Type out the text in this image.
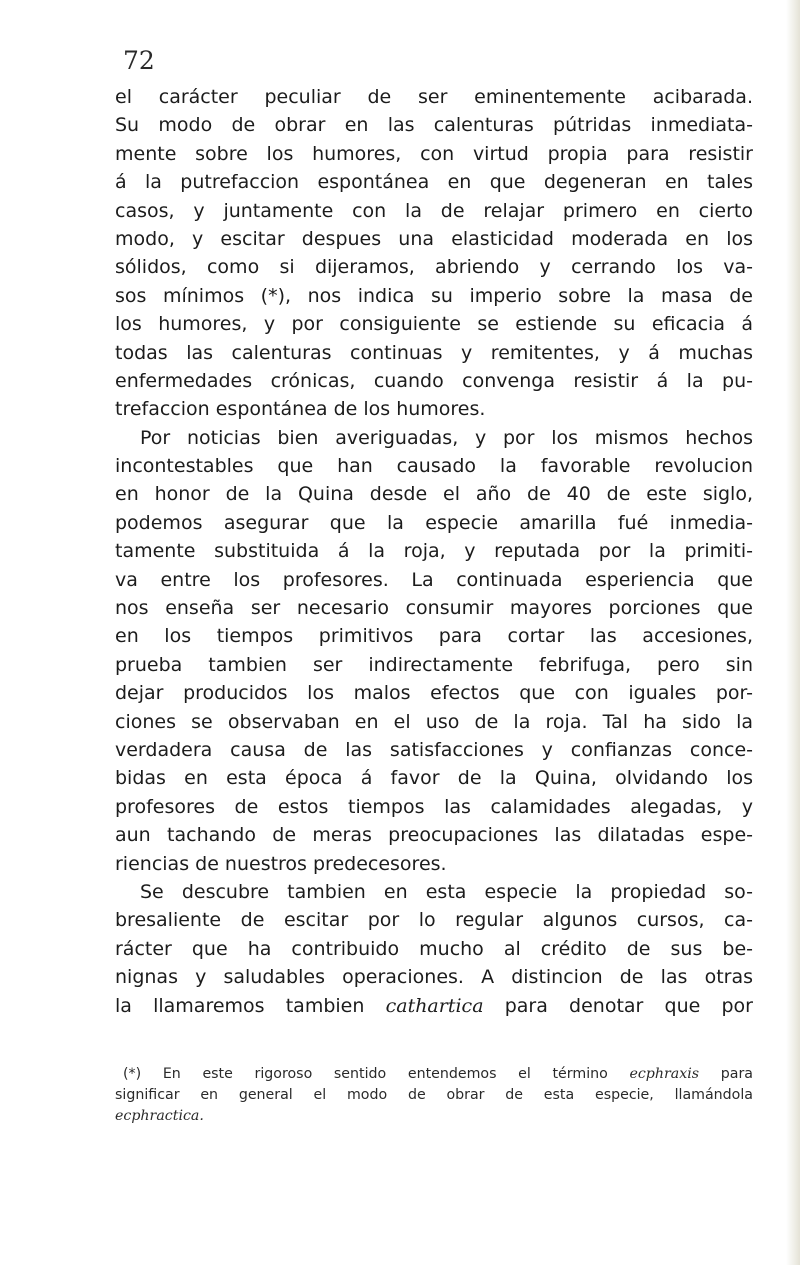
72
el carácter peculiar de ser eminentemente acibarada.
Su modo de obrar en las calenturas pútridas inmediata-
mente sobre los humores, con virtud propia para resistir
á la putrefaccion espontánea en que degeneran en tales
casos, y juntamente con la de relajar primero en cierto
modo, y escitar despues una elasticidad moderada en los
sólidos, como si dijeramos, abriendo y cerrando los va-
sos mínimos (*), nos indica su imperio sobre la masa de
los humores, y por consiguiente se estiende su eficacia á
todas las calenturas continuas y remitentes, y á muchas
enfermedades crónicas, cuando convenga resistir á la pu-
trefaccion espontánea de los humores.
Por noticias bien averiguadas, y por los mismos hechos
incontestables que han causado la favorable revolucion
en honor de la Quina desde el año de 40 de este siglo,
podemos asegurar que la especie amarilla fué inmedia-
tamente substituida á la roja, y reputada por la primiti-
va entre los profesores. La continuada esperiencia que
nos enseña ser necesario consumir mayores porciones que
en los tiempos primitivos para cortar las accesiones,
prueba tambien ser indirectamente febrifuga, pero sin
dejar producidos los malos efectos que con iguales por-
ciones se observaban en el uso de la roja. Tal ha sido la
verdadera causa de las satisfacciones y confianzas conce-
bidas en esta época á favor de la Quina, olvidando los
profesores de estos tiempos las calamidades alegadas, y
aun tachando de meras preocupaciones las dilatadas espe-
riencias de nuestros predecesores.
Se descubre tambien en esta especie la propiedad so-
bresaliente de escitar por lo regular algunos cursos, ca-
rácter que ha contribuido mucho al crédito de sus be-
nignas y saludables operaciones. A distincion de las otras
la llamaremos tambien cathartica para denotar que por
(*) En este rigoroso sentido entendemos el término ecphraxis para
significar en general el modo de obrar de esta especie, llamándola
ecphractica.
